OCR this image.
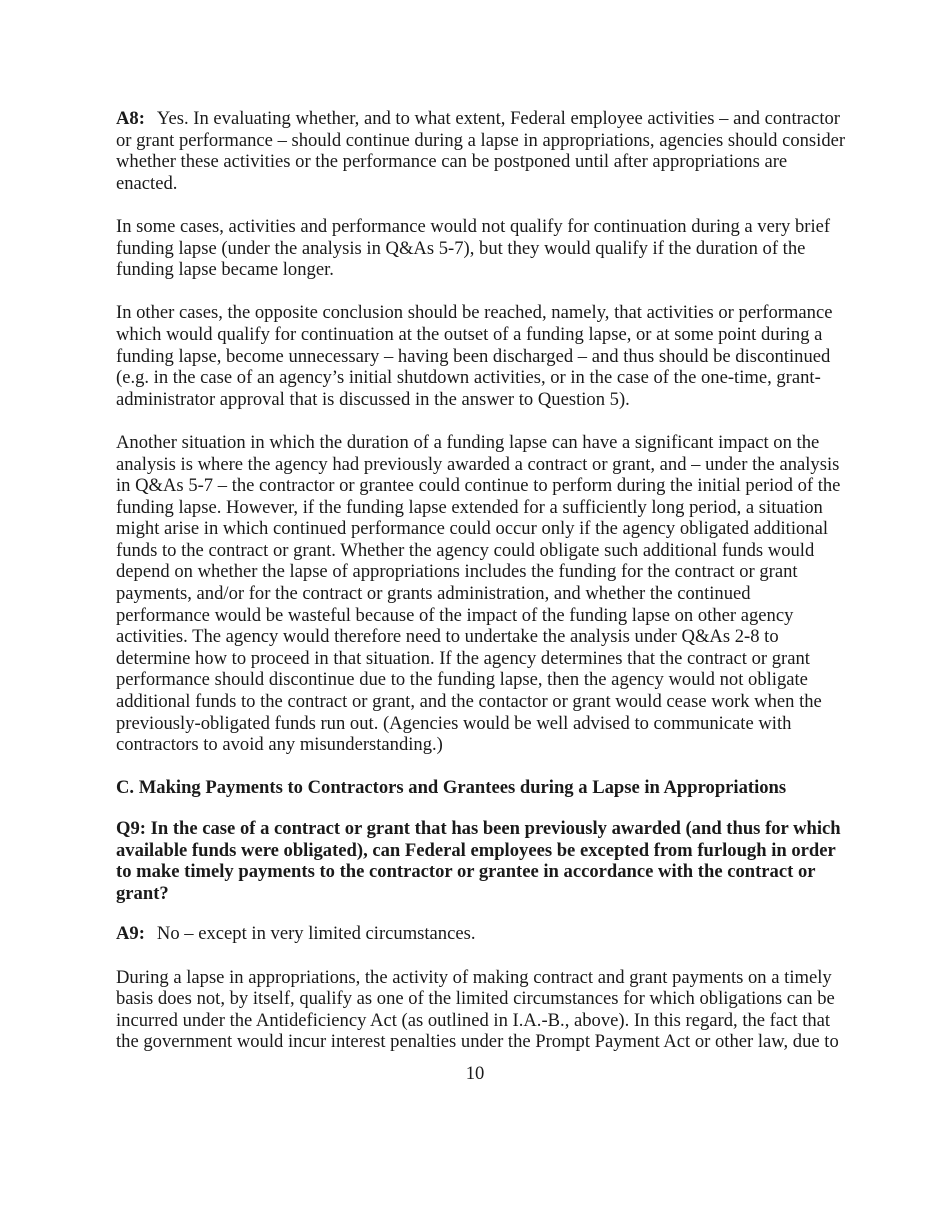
A8: Yes. In evaluating whether, and to what extent, Federal employee activities – and contractor or grant performance – should continue during a lapse in appropriations, agencies should consider whether these activities or the performance can be postponed until after appropriations are enacted.

In some cases, activities and performance would not qualify for continuation during a very brief funding lapse (under the analysis in Q&As 5-7), but they would qualify if the duration of the funding lapse became longer.

In other cases, the opposite conclusion should be reached, namely, that activities or performance which would qualify for continuation at the outset of a funding lapse, or at some point during a funding lapse, become unnecessary – having been discharged – and thus should be discontinued (e.g. in the case of an agency’s initial shutdown activities, or in the case of the one-time, grant-administrator approval that is discussed in the answer to Question 5).

Another situation in which the duration of a funding lapse can have a significant impact on the analysis is where the agency had previously awarded a contract or grant, and – under the analysis in Q&As 5-7 – the contractor or grantee could continue to perform during the initial period of the funding lapse. However, if the funding lapse extended for a sufficiently long period, a situation might arise in which continued performance could occur only if the agency obligated additional funds to the contract or grant. Whether the agency could obligate such additional funds would depend on whether the lapse of appropriations includes the funding for the contract or grant payments, and/or for the contract or grants administration, and whether the continued performance would be wasteful because of the impact of the funding lapse on other agency activities. The agency would therefore need to undertake the analysis under Q&As 2-8 to determine how to proceed in that situation. If the agency determines that the contract or grant performance should discontinue due to the funding lapse, then the agency would not obligate additional funds to the contract or grant, and the contactor or grant would cease work when the previously-obligated funds run out. (Agencies would be well advised to communicate with contractors to avoid any misunderstanding.)

C. Making Payments to Contractors and Grantees during a Lapse in Appropriations

Q9: In the case of a contract or grant that has been previously awarded (and thus for which available funds were obligated), can Federal employees be excepted from furlough in order to make timely payments to the contractor or grantee in accordance with the contract or grant?

A9: No – except in very limited circumstances.

During a lapse in appropriations, the activity of making contract and grant payments on a timely basis does not, by itself, qualify as one of the limited circumstances for which obligations can be incurred under the Antideficiency Act (as outlined in I.A.-B., above). In this regard, the fact that the government would incur interest penalties under the Prompt Payment Act or other law, due to

10
